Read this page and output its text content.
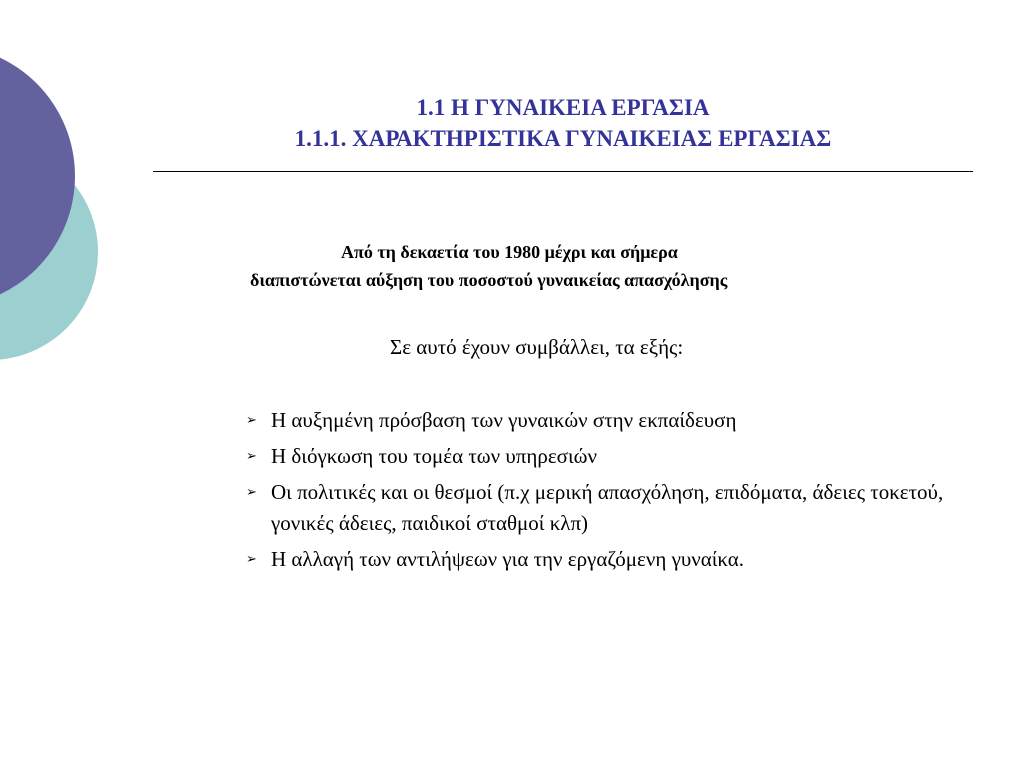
1.1 Η ΓΥΝΑΙΚΕΙΑ ΕΡΓΑΣΙΑ
1.1.1. ΧΑΡΑΚΤΗΡΙΣΤΙΚΑ ΓΥΝΑΙΚΕΙΑΣ ΕΡΓΑΣΙΑΣ
Από τη δεκαετία του 1980 μέχρι και σήμερα
διαπιστώνεται αύξηση του ποσοστού γυναικείας απασχόλησης
Σε αυτό έχουν συμβάλλει, τα εξής:
➢ Η αυξημένη πρόσβαση των γυναικών στην εκπαίδευση
➢ Η διόγκωση του τομέα των υπηρεσιών
➢ Οι πολιτικές και οι θεσμοί (π.χ μερική απασχόληση, επιδόματα, άδειες τοκετού, γονικές άδειες, παιδικοί σταθμοί κλπ)
➢ Η αλλαγή των αντιλήψεων για την εργαζόμενη γυναίκα.
